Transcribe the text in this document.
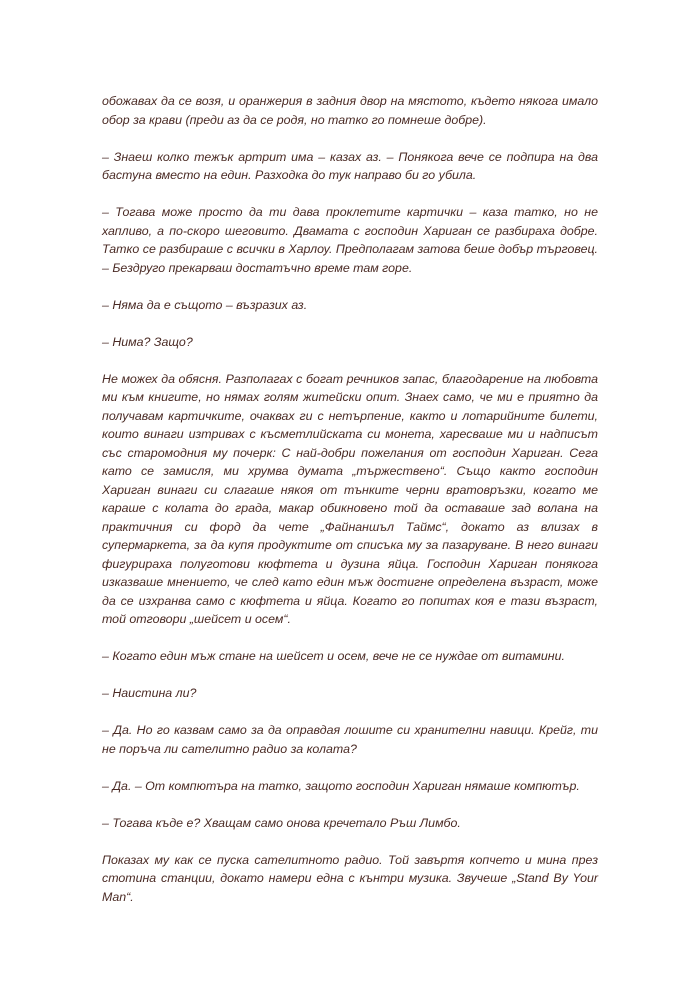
обожавах да се возя, и оранжерия в задния двор на мястото, където някога имало обор за крави (преди аз да се родя, но татко го помнеше добре).

– Знаеш колко тежък артрит има – казах аз. – Понякога вече се подпира на два бастуна вместо на един. Разходка до тук направо би го убила.

– Тогава може просто да ти дава проклетите картички – каза татко, но не хапливо, а по-скоро шеговито. Двамата с господин Хариган се разбираха добре. Татко се разбираше с всички в Харлоу. Предполагам затова беше добър търговец. – Бездруго прекарваш достатъчно време там горе.

– Няма да е същото – възразих аз.

– Нима? Защо?

Не можех да обясня. Разполагах с богат речников запас, благодарение на любовта ми към книгите, но нямах голям житейски опит. Знаех само, че ми е приятно да получавам картичките, очаквах ги с нетърпение, както и лотарийните билети, които винаги изтривах с късметлийската си монета, харесваше ми и надписът със старомодния му почерк: С най-добри пожелания от господин Хариган. Сега като се замисля, ми хрумва думата „тържествено“. Също както господин Хариган винаги си слагаше някоя от тънките черни вратовръзки, когато ме караше с колата до града, макар обикновено той да оставаше зад волана на практичния си форд да чете „Файнаншъл Таймс“, докато аз влизах в супермаркета, за да купя продуктите от списъка му за пазаруване. В него винаги фигурираха полуготови кюфтета и дузина яйца. Господин Хариган понякога изказваше мнението, че след като един мъж достигне определена възраст, може да се изхранва само с кюфтета и яйца. Когато го попитах коя е тази възраст, той отговори „шейсет и осем“.

– Когато един мъж стане на шейсет и осем, вече не се нуждае от витамини.

– Наистина ли?

– Да. Но го казвам само за да оправдая лошите си хранителни навици. Крейг, ти не поръча ли сателитно радио за колата?

– Да. – От компютъра на татко, защото господин Хариган нямаше компютър.

– Тогава къде е? Хващам само онова кречетало Ръш Лимбо.

Показах му как се пуска сателитното радио. Той завъртя копчето и мина през стотина станции, докато намери една с кънтри музика. Звучеше „Stand By Your Man“.
